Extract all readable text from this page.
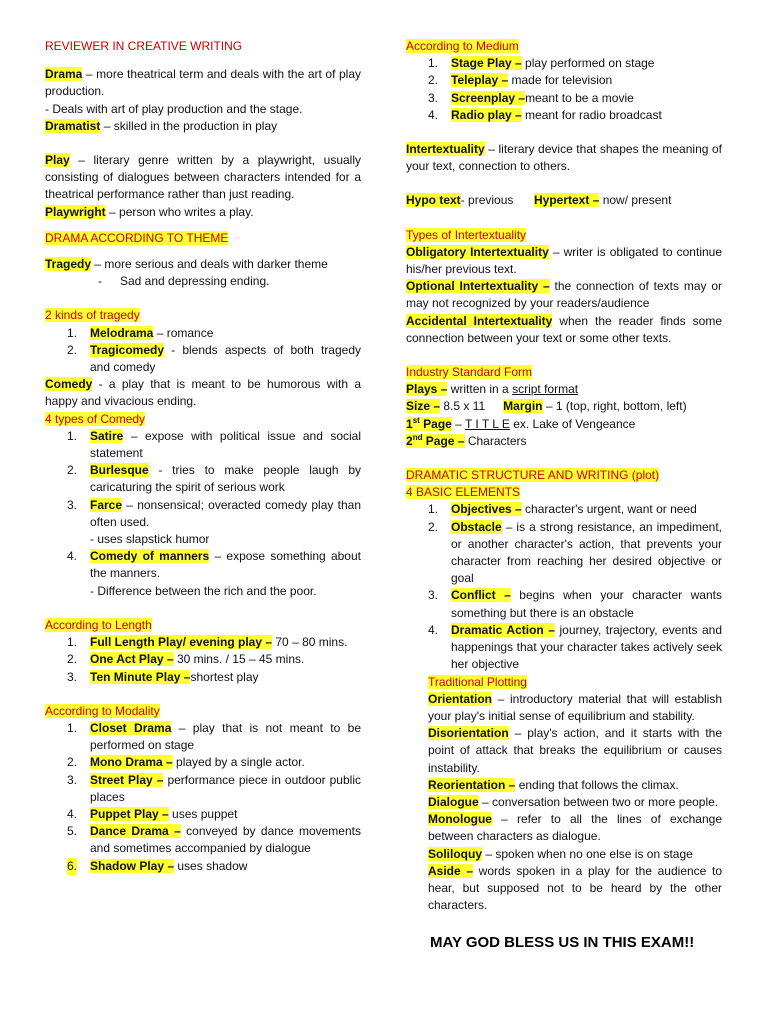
REVIEWER IN CREATIVE WRITING

Drama – more theatrical term and deals with the art of play production.

- Deals with art of play production and the stage.

Dramatist – skilled in the production in play

Play – literary genre written by a playwright, usually consisting of dialogues between characters intended for a theatrical performance rather than just reading.

Playwright – person who writes a play.

DRAMA ACCORDING TO THEME

Tragedy – more serious and deals with darker theme

- Sad and depressing ending.

2 kinds of tragedy

1. Melodrama – romance
2. Tragicomedy - blends aspects of both tragedy and comedy

Comedy - a play that is meant to be humorous with a happy and vivacious ending.

4 types of Comedy

1. Satire – expose with political issue and social statement
2. Burlesque - tries to make people laugh by caricaturing the spirit of serious work
3. Farce – nonsensical; overacted comedy play than often used.
- uses slapstick humor
4. Comedy of manners – expose something about the manners.
- Difference between the rich and the poor.

According to Length

1. Full Length Play/ evening play – 70 – 80 mins.
2. One Act Play – 30 mins. / 15 – 45 mins.
3. Ten Minute Play –shortest play

According to Modality

1. Closet Drama – play that is not meant to be performed on stage
2. Mono Drama – played by a single actor.
3. Street Play – performance piece in outdoor public places
4. Puppet Play – uses puppet
5. Dance Drama – conveyed by dance movements and sometimes accompanied by dialogue
6. Shadow Play – uses shadow

According to Medium

1. Stage Play – play performed on stage
2. Teleplay – made for television
3. Screenplay –meant to be a movie
4. Radio play – meant for radio broadcast

Intertextuality – literary device that shapes the meaning of your text, connection to others.

Hypo text- previous Hypertext – now/ present

Types of Intertextuality

Obligatory Intertextuality – writer is obligated to continue his/her previous text.

Optional Intertextuality – the connection of texts may or may not recognized by your readers/audience

Accidental Intertextuality when the reader finds some connection between your text or some other texts.

Industry Standard Form

Plays – written in a script format

Size – 8.5 x 11 Margin – 1 (top, right, bottom, left)

1st Page – T I T L E ex. Lake of Vengeance

2nd Page – Characters

DRAMATIC STRUCTURE AND WRITING (plot)

4 BASIC ELEMENTS

1. Objectives – character's urgent, want or need
2. Obstacle – is a strong resistance, an impediment, or another character's action, that prevents your character from reaching her desired objective or goal
3. Conflict – begins when your character wants something but there is an obstacle
4. Dramatic Action – journey, trajectory, events and happenings that your character takes actively seek her objective

Traditional Plotting

Orientation – introductory material that will establish your play's initial sense of equilibrium and stability.

Disorientation – play's action, and it starts with the point of attack that breaks the equilibrium or causes instability.

Reorientation – ending that follows the climax.

Dialogue – conversation between two or more people.

Monologue – refer to all the lines of exchange between characters as dialogue.

Soliloquy – spoken when no one else is on stage

Aside – words spoken in a play for the audience to hear, but supposed not to be heard by the other characters.

MAY GOD BLESS US IN THIS EXAM!!
